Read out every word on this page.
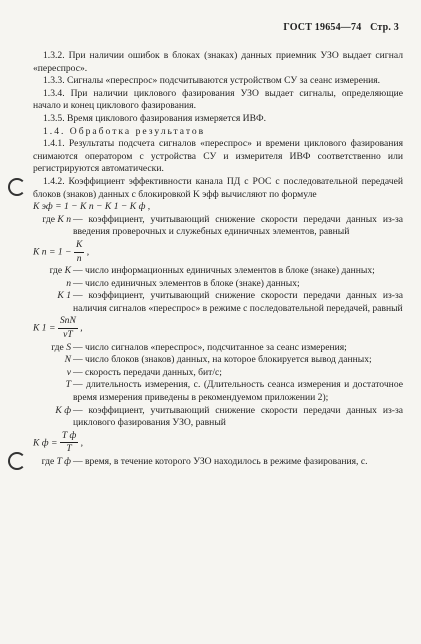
ГОСТ 19654—74 Стр. 3

1.3.2. При наличии ошибок в блоках (знаках) данных приемник УЗО выдает сигнал «переспрос».

1.3.3. Сигналы «переспрос» подсчитываются устройством СУ за сеанс измерения.

1.3.4. При наличии циклового фазирования УЗО выдает сигналы, определяющие начало и конец циклового фазирования.

1.3.5. Время циклового фазирования измеряется ИВФ.

1.4. Обработка результатов

1.4.1. Результаты подсчета сигналов «переспрос» и времени циклового фазирования снимаются оператором с устройства СУ и измерителя ИВФ соответственно или регистрируются автоматически.

1.4.2. Коэффициент эффективности канала ПД с РОС с последовательной передачей блоков (знаков) данных с блокировкой K эфф вычисляют по формуле

K эф = 1 − K п − K 1 − K ф ,

где K п — коэффициент, учитывающий снижение скорости передачи данных из-за введения проверочных и служебных единичных элементов, равный

K $п = 1 - \frac{K}{n}$ ,

где K — число информационных единичных элементов в блоке (знаке) данных;
n — число единичных элементов в блоке (знаке) данных;
K 1 — коэффициент, учитывающий снижение скорости передачи данных из-за наличия сигналов «переспрос» в режиме с последовательной передачей, равный

K $1 = \frac{\text{SnN}}{vT}$ ,

где S — число сигналов «переспрос», подсчитанное за сеанс измерения;
N — число блоков (знаков) данных, на которое блокируется вывод данных;
v — скорость передачи данных, бит/с;
T — длительность измерения, с. (Длительность сеанса измерения и достаточное время измерения приведены в рекомендуемом приложении 2);
K ф — коэффициент, учитывающий снижение скорости передачи данных из-за циклового фазирования УЗО, равный

K $ф = \frac{\text{T ф}}{T}$ ,

где T ф — время, в течение которого УЗО находилось в режиме фазирования, с.
